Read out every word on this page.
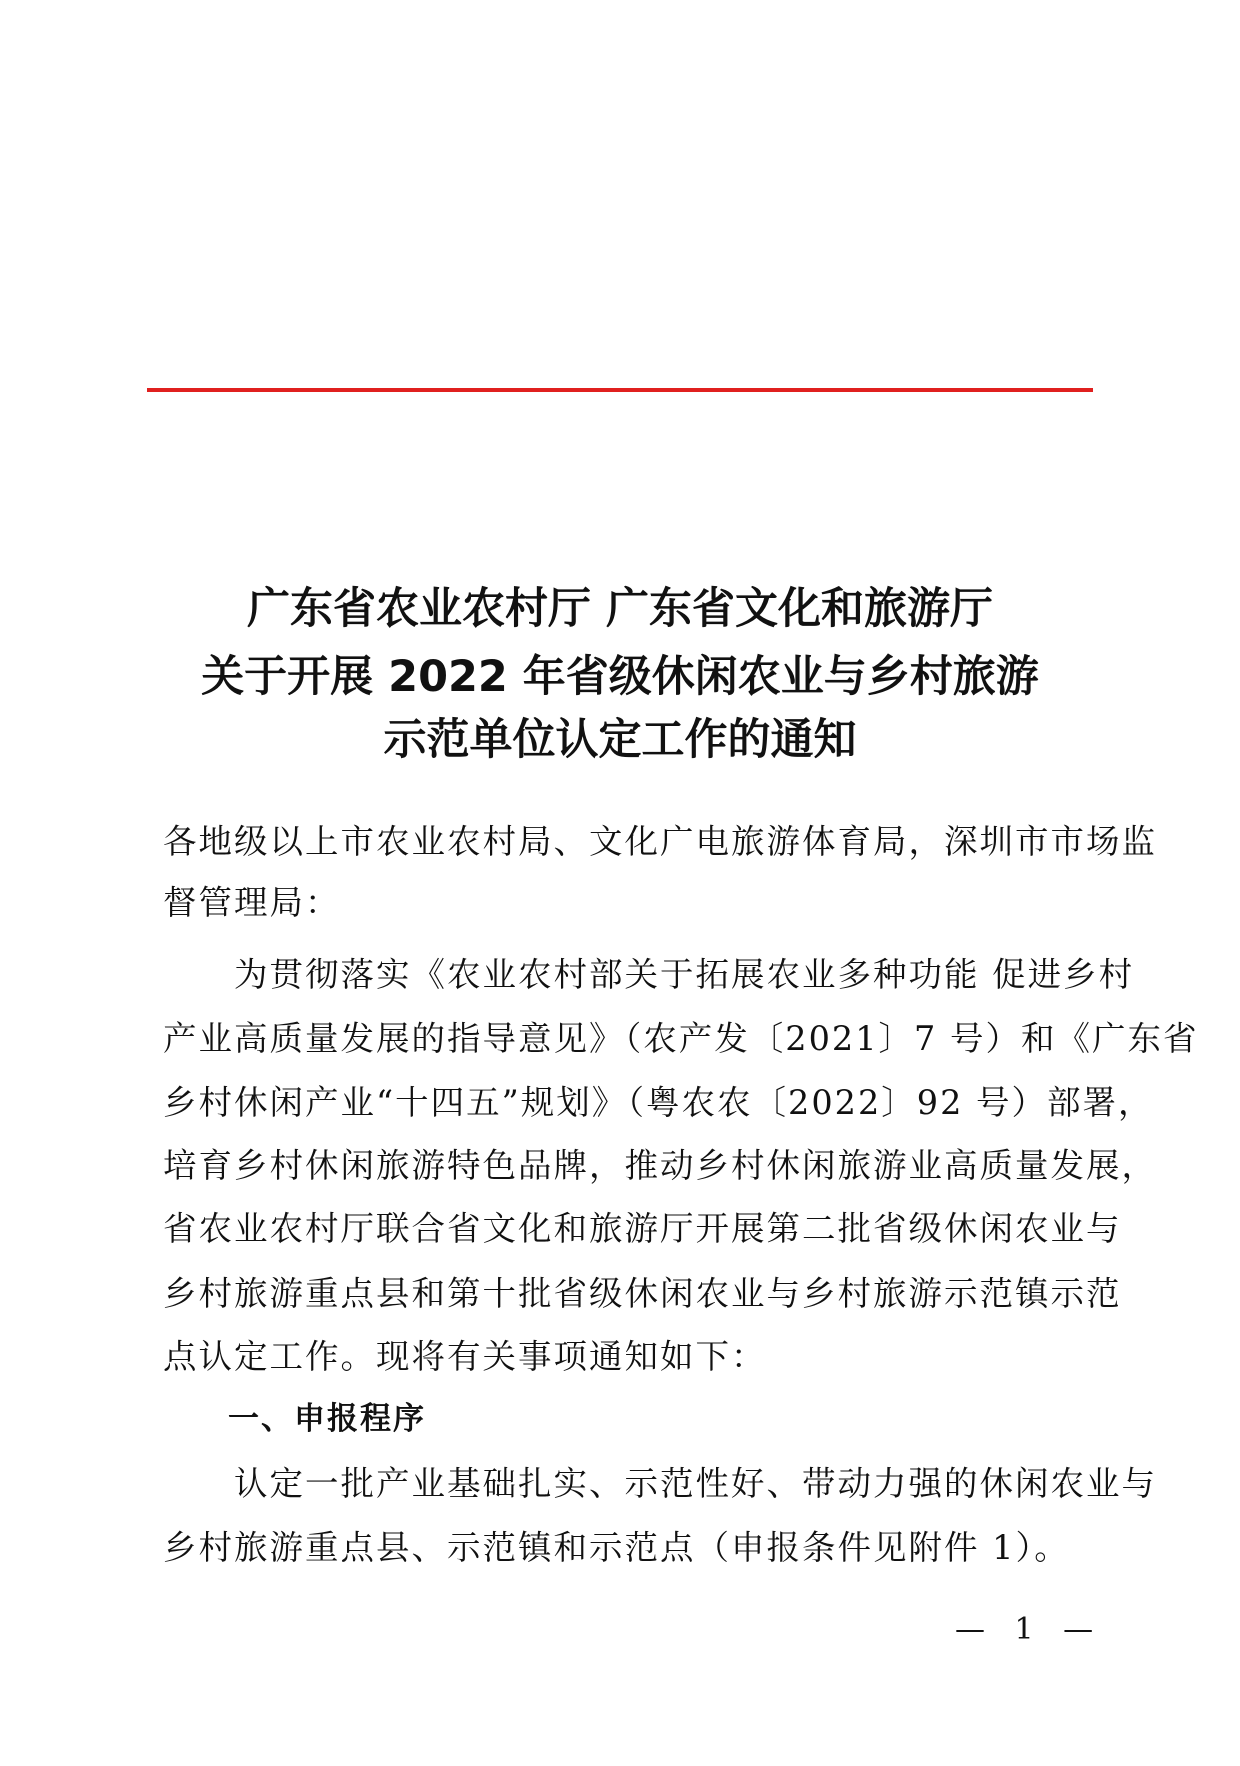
广东省农业农村厅 广东省文化和旅游厅
关于开展 2022 年省级休闲农业与乡村旅游
示范单位认定工作的通知
各地级以上市农业农村局、文化广电旅游体育局，深圳市市场监
督管理局：
　　为贯彻落实《农业农村部关于拓展农业多种功能 促进乡村
产业高质量发展的指导意见》（农产发〔2021〕7 号）和《广东省
乡村休闲产业“十四五”规划》（粤农农〔2022〕92 号）部署，
培育乡村休闲旅游特色品牌，推动乡村休闲旅游业高质量发展，
省农业农村厅联合省文化和旅游厅开展第二批省级休闲农业与
乡村旅游重点县和第十批省级休闲农业与乡村旅游示范镇示范
点认定工作。现将有关事项通知如下：
一、申报程序
　　认定一批产业基础扎实、示范性好、带动力强的休闲农业与
乡村旅游重点县、示范镇和示范点（申报条件见附件 1）。
— 1 —
